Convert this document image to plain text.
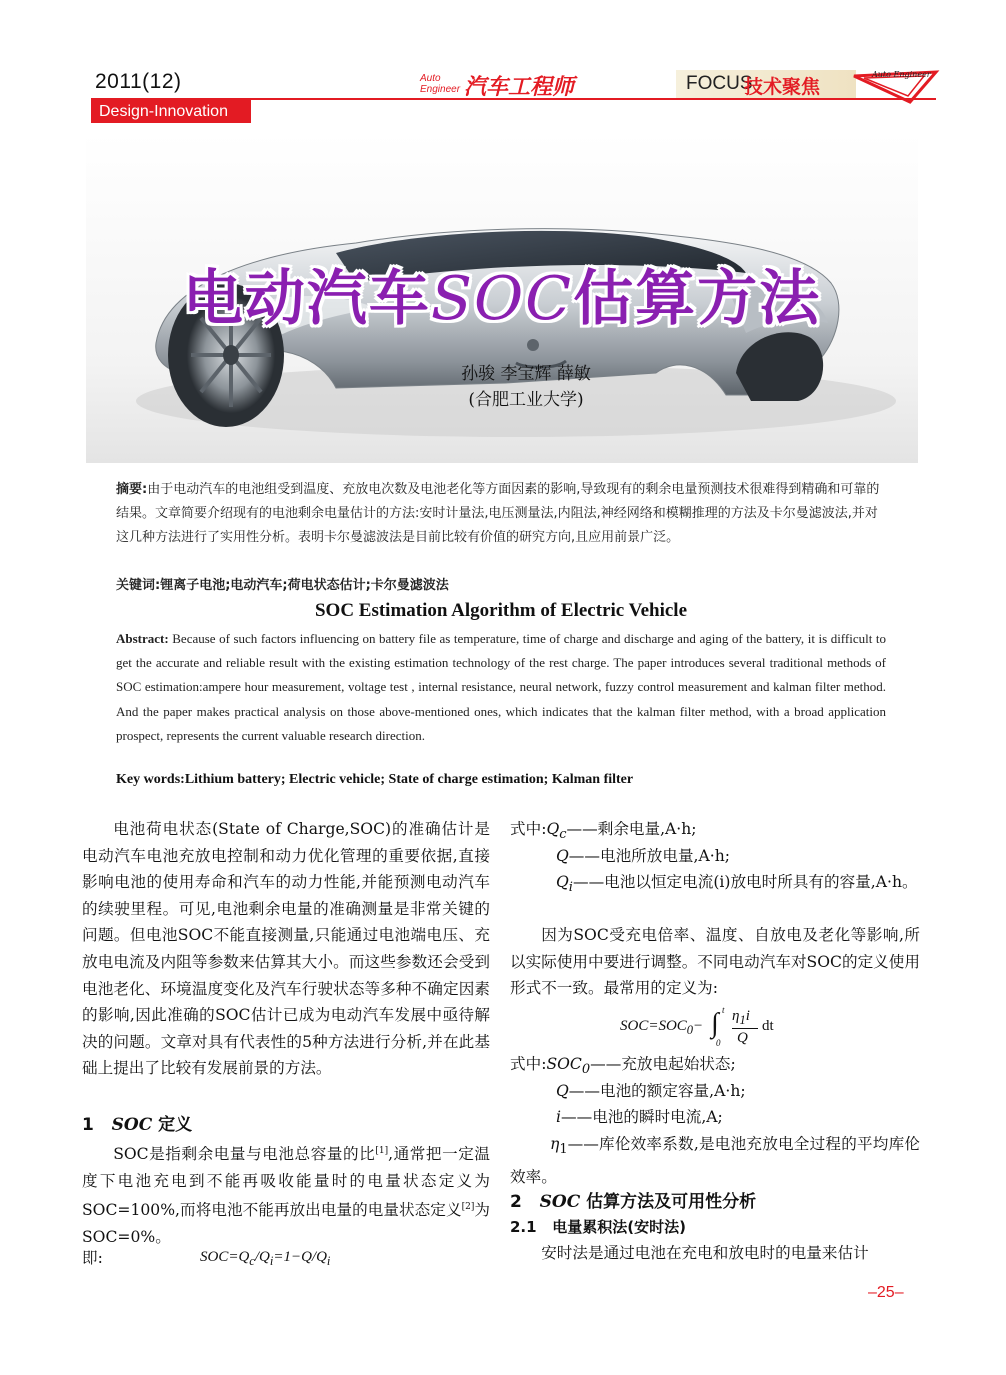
2011(12)
Design-Innovation
Auto
Engineer 汽车工程师	FOCUS
技术聚焦
Auto Engineer
电动汽车SOC估算方法
孙骏 李宝辉 薛敏
(合肥工业大学)
摘要:由于电动汽车的电池组受到温度、充放电次数及电池老化等方面因素的影响,导致现有的剩余电量预测技术很难得到精确和可靠的结果。文章简要介绍现有的电池剩余电量估计的方法:安时计量法,电压测量法,内阻法,神经网络和模糊推理的方法及卡尔曼滤波法,并对这几种方法进行了实用性分析。表明卡尔曼滤波法是目前比较有价值的研究方向,且应用前景广泛。
关键词:锂离子电池;电动汽车;荷电状态估计;卡尔曼滤波法
SOC Estimation Algorithm of Electric Vehicle
Abstract: Because of such factors influencing on battery file as temperature, time of charge and discharge and aging of the battery, it is difficult to get the accurate and reliable result with the existing estimation technology of the rest charge. The paper introduces several traditional methods of SOC estimation:ampere hour measurement, voltage test , internal resistance, neural network, fuzzy control measurement and kalman filter method. And the paper makes practical analysis on those above-mentioned ones, which indicates that the kalman filter method, with a broad application prospect, represents the current valuable research direction.
Key words:Lithium battery; Electric vehicle; State of charge estimation; Kalman filter
电池荷电状态(State of Charge,SOC)的准确估计是电动汽车电池充放电控制和动力优化管理的重要依据,直接影响电池的使用寿命和汽车的动力性能,并能预测电动汽车的续驶里程。可见,电池剩余电量的准确测量是非常关键的问题。但电池SOC不能直接测量,只能通过电池端电压、充放电电流及内阻等参数来估算其大小。而这些参数还会受到电池老化、环境温度变化及汽车行驶状态等多种不确定因素的影响,因此准确的SOC估计已成为电动汽车发展中亟待解决的问题。文章对具有代表性的5种方法进行分析,并在此基础上提出了比较有发展前景的方法。
1 SOC 定义
SOC是指剩余电量与电池总容量的比[1],通常把一定温度下电池充电到不能再吸收能量时的电量状态定义为SOC=100%,而将电池不能再放出电量的电量状态定义[2]为SOC=0%。
即:	$SOC=Q_c/Q_i=1-Q/Q_i$
式中$:Q_c——$剩余电量,A·h;
Q——电池所放电量,A·h;
$Q_i——$电池以恒定电流(i)放电时所具有的容量,A·h。
因为SOC受充电倍率、温度、自放电及老化等影响,所以实际使用中要进行调整。不同电动汽车对SOC的定义使用形式不一致。最常用的定义为:
$SOC=SOC_0-$ ∫ t
0
$\eta_1i$
Q
dt
式中$:SOC_0——$充放电起始状态;
Q——电池的额定容量,A·h;
i——电池的瞬时电流,A;
$\eta_1——$库伦效率系数,是电池充放电全过程的平均库伦效率。
2 SOC 估算方法及可用性分析
2.1 电量累积法(安时法)
安时法是通过电池在充电和放电时的电量来估计
–25–
